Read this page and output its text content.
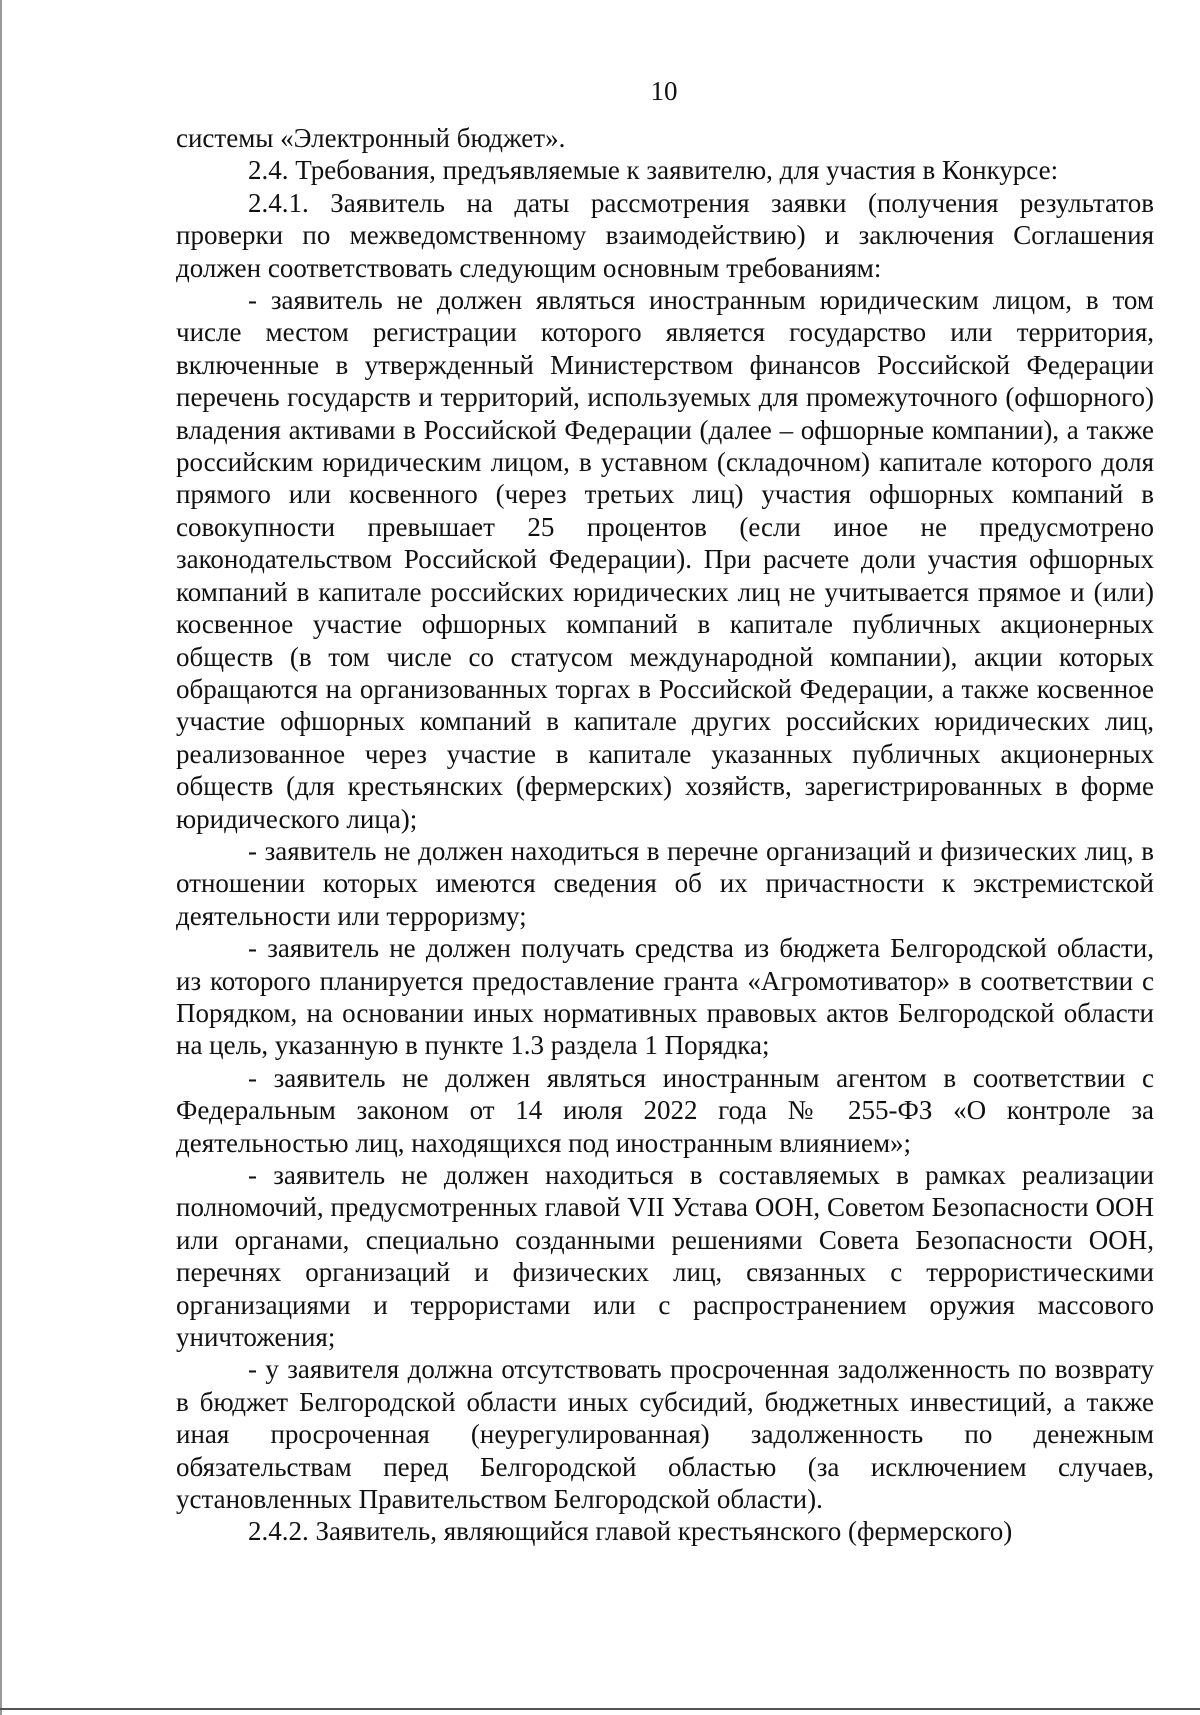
10

системы «Электронный бюджет».

2.4. Требования, предъявляемые к заявителю, для участия в Конкурсе:

2.4.1. Заявитель на даты рассмотрения заявки (получения результатов проверки по межведомственному взаимодействию) и заключения Соглашения должен соответствовать следующим основным требованиям:

- заявитель не должен являться иностранным юридическим лицом, в том числе местом регистрации которого является государство или территория, включенные в утвержденный Министерством финансов Российской Федерации перечень государств и территорий, используемых для промежуточного (офшорного) владения активами в Российской Федерации (далее – офшорные компании), а также российским юридическим лицом, в уставном (складочном) капитале которого доля прямого или косвенного (через третьих лиц) участия офшорных компаний в совокупности превышает 25 процентов (если иное не предусмотрено законодательством Российской Федерации). При расчете доли участия офшорных компаний в капитале российских юридических лиц не учитывается прямое и (или) косвенное участие офшорных компаний в капитале публичных акционерных обществ (в том числе со статусом международной компании), акции которых обращаются на организованных торгах в Российской Федерации, а также косвенное участие офшорных компаний в капитале других российских юридических лиц, реализованное через участие в капитале указанных публичных акционерных обществ (для крестьянских (фермерских) хозяйств, зарегистрированных в форме юридического лица);

- заявитель не должен находиться в перечне организаций и физических лиц, в отношении которых имеются сведения об их причастности к экстремистской деятельности или терроризму;

- заявитель не должен получать средства из бюджета Белгородской области, из которого планируется предоставление гранта «Агромотиватор» в соответствии с Порядком, на основании иных нормативных правовых актов Белгородской области на цель, указанную в пункте 1.3 раздела 1 Порядка;

- заявитель не должен являться иностранным агентом в соответствии с Федеральным законом от 14 июля 2022 года № 255-ФЗ «О контроле за деятельностью лиц, находящихся под иностранным влиянием»;

- заявитель не должен находиться в составляемых в рамках реализации полномочий, предусмотренных главой VII Устава ООН, Советом Безопасности ООН или органами, специально созданными решениями Совета Безопасности ООН, перечнях организаций и физических лиц, связанных с террористическими организациями и террористами или с распространением оружия массового уничтожения;

- у заявителя должна отсутствовать просроченная задолженность по возврату в бюджет Белгородской области иных субсидий, бюджетных инвестиций, а также иная просроченная (неурегулированная) задолженность по денежным обязательствам перед Белгородской областью (за исключением случаев, установленных Правительством Белгородской области).

2.4.2. Заявитель, являющийся главой крестьянского (фермерского)
